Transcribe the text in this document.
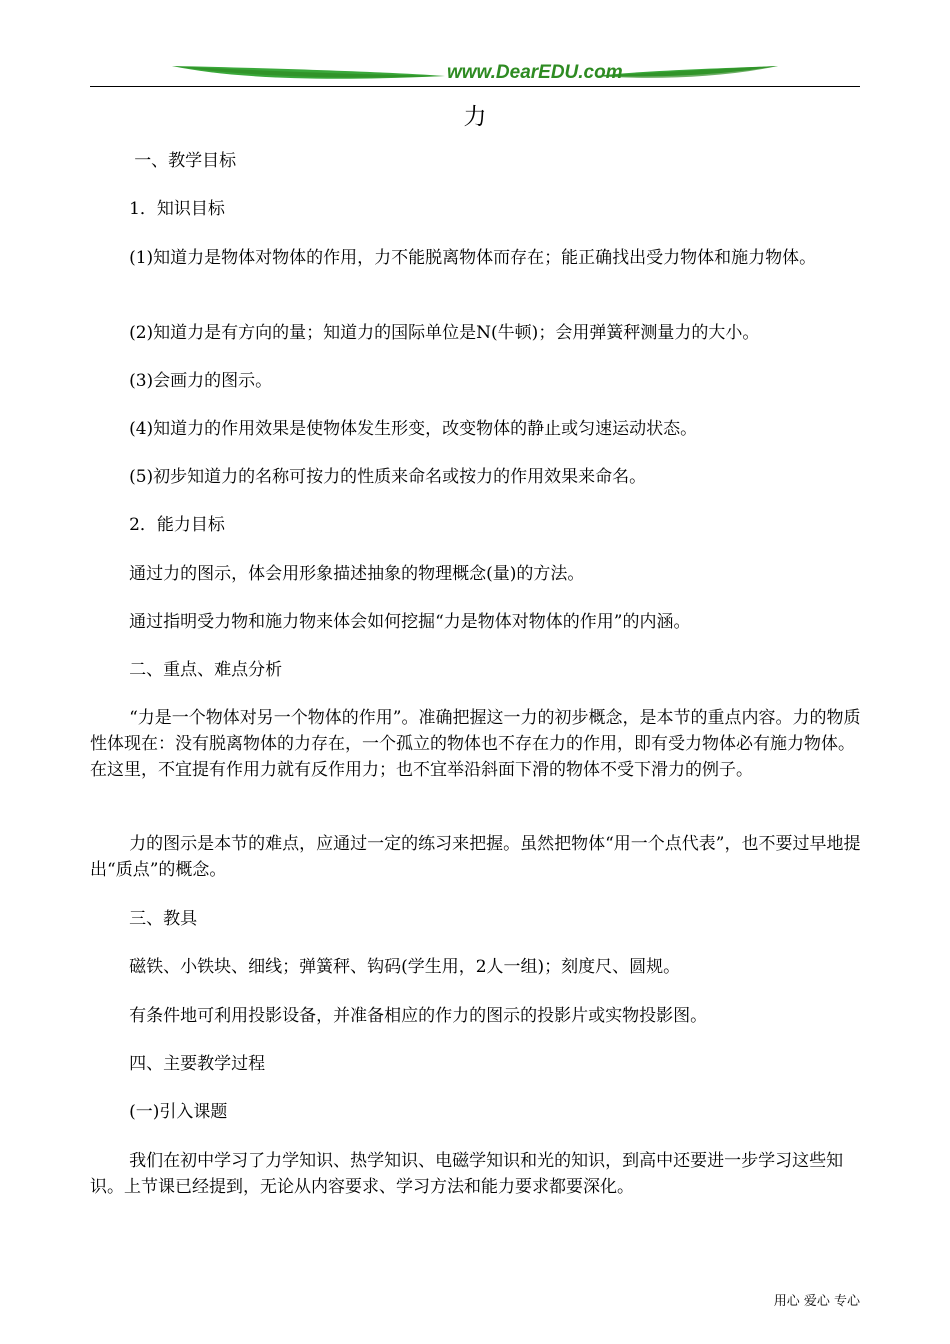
www.DearEDU.com
力
一、教学目标
1．知识目标
(1)知道力是物体对物体的作用，力不能脱离物体而存在；能正确找出受力物体和施力物体。
(2)知道力是有方向的量；知道力的国际单位是N(牛顿)；会用弹簧秤测量力的大小。
(3)会画力的图示。
(4)知道力的作用效果是使物体发生形变，改变物体的静止或匀速运动状态。
(5)初步知道力的名称可按力的性质来命名或按力的作用效果来命名。
2．能力目标
通过力的图示，体会用形象描述抽象的物理概念(量)的方法。
通过指明受力物和施力物来体会如何挖掘“力是物体对物体的作用”的内涵。
二、重点、难点分析
“力是一个物体对另一个物体的作用”。准确把握这一力的初步概念，是本节的重点内容。力的物质性体现在：没有脱离物体的力存在，一个孤立的物体也不存在力的作用，即有受力物体必有施力物体。在这里，不宜提有作用力就有反作用力；也不宜举沿斜面下滑的物体不受下滑力的例子。
力的图示是本节的难点，应通过一定的练习来把握。虽然把物体“用一个点代表”，也不要过早地提出“质点”的概念。
三、教具
磁铁、小铁块、细线；弹簧秤、钩码(学生用，2人一组)；刻度尺、圆规。
有条件地可利用投影设备，并准备相应的作力的图示的投影片或实物投影图。
四、主要教学过程
(一)引入课题
我们在初中学习了力学知识、热学知识、电磁学知识和光的知识，到高中还要进一步学习这些知识。上节课已经提到，无论从内容要求、学习方法和能力要求都要深化。
用心 爱心 专心
